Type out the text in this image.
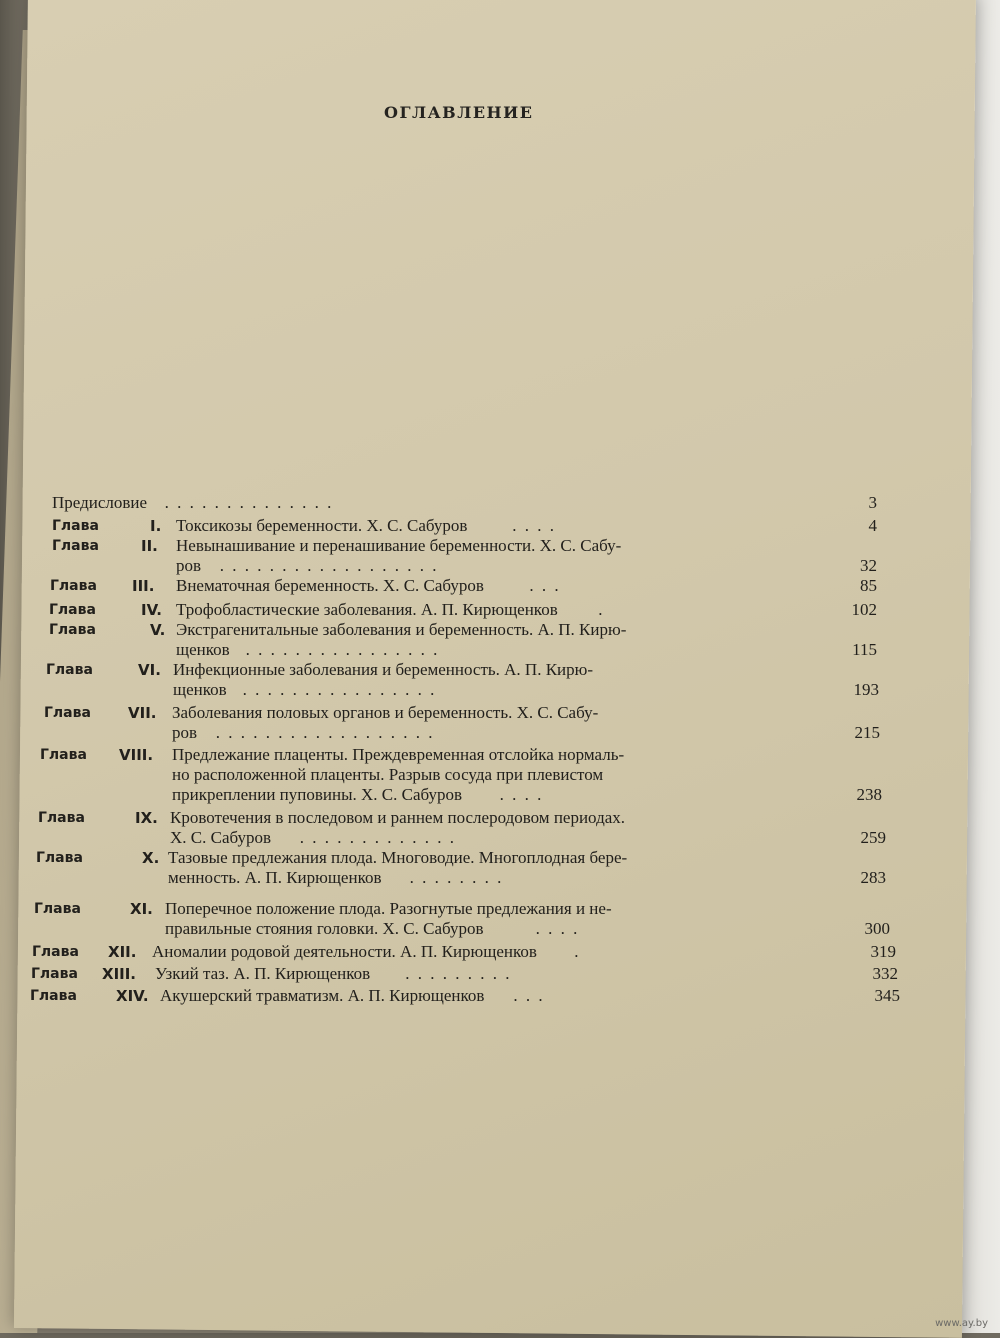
ОГЛАВЛЕНИЕ
Предисловие . . . . . . . . . . . . . .	3
Глава	I. Токсикозы беременности. Х. С. Сабуров	. . . .	4
Глава	II. Невынашивание и перенашивание беременности. Х. С. Сабу-
ров . . . . . . . . . . . . . . . . . .	32
Глава III. Внематочная беременность. Х. С. Сабуров	. . .	85
Глава	IV. Трофобластические заболевания. А. П. Кирющенков .	102
Глава	V. Экстрагенитальные заболевания и беременность. А. П. Кирю-
щенков . . . . . . . . . . . . . . . .	115
Глава	VI. Инфекционные заболевания и беременность. А. П. Кирю-
щенков . . . . . . . . . . . . . . . .	193
Глава VII. Заболевания половых органов и беременность. Х. С. Сабу-
ров . . . . . . . . . . . . . . . . . .	215
Глава VIII. Предлежание плаценты. Преждевременная отслойка нормаль-
но расположенной плаценты. Разрыв сосуда при плевистом
прикреплении пуповины. Х. С. Сабуров . . . .	238
Глава	IX. Кровотечения в последовом и раннем послеродовом периодах.
Х. С. Сабуров . . . . . . . . . . . . .	259
Глава	X. Тазовые предлежания плода. Многоводие. Многоплодная бере-
менность. А. П. Кирющенков . . . . . . . .	283
Глава	XI. Поперечное положение плода. Разогнутые предлежания и не-
правильные стояния головки. Х. С. Сабуров	. . . .	300
Глава XII. Аномалии родовой деятельности. А. П. Кирющенков .	319
Глава XIII. Узкий таз. А. П. Кирющенков . . . . . . . . .	332
Глава	XIV. Акушерский травматизм. А. П. Кирющенков . . .	345
www.ay.by
